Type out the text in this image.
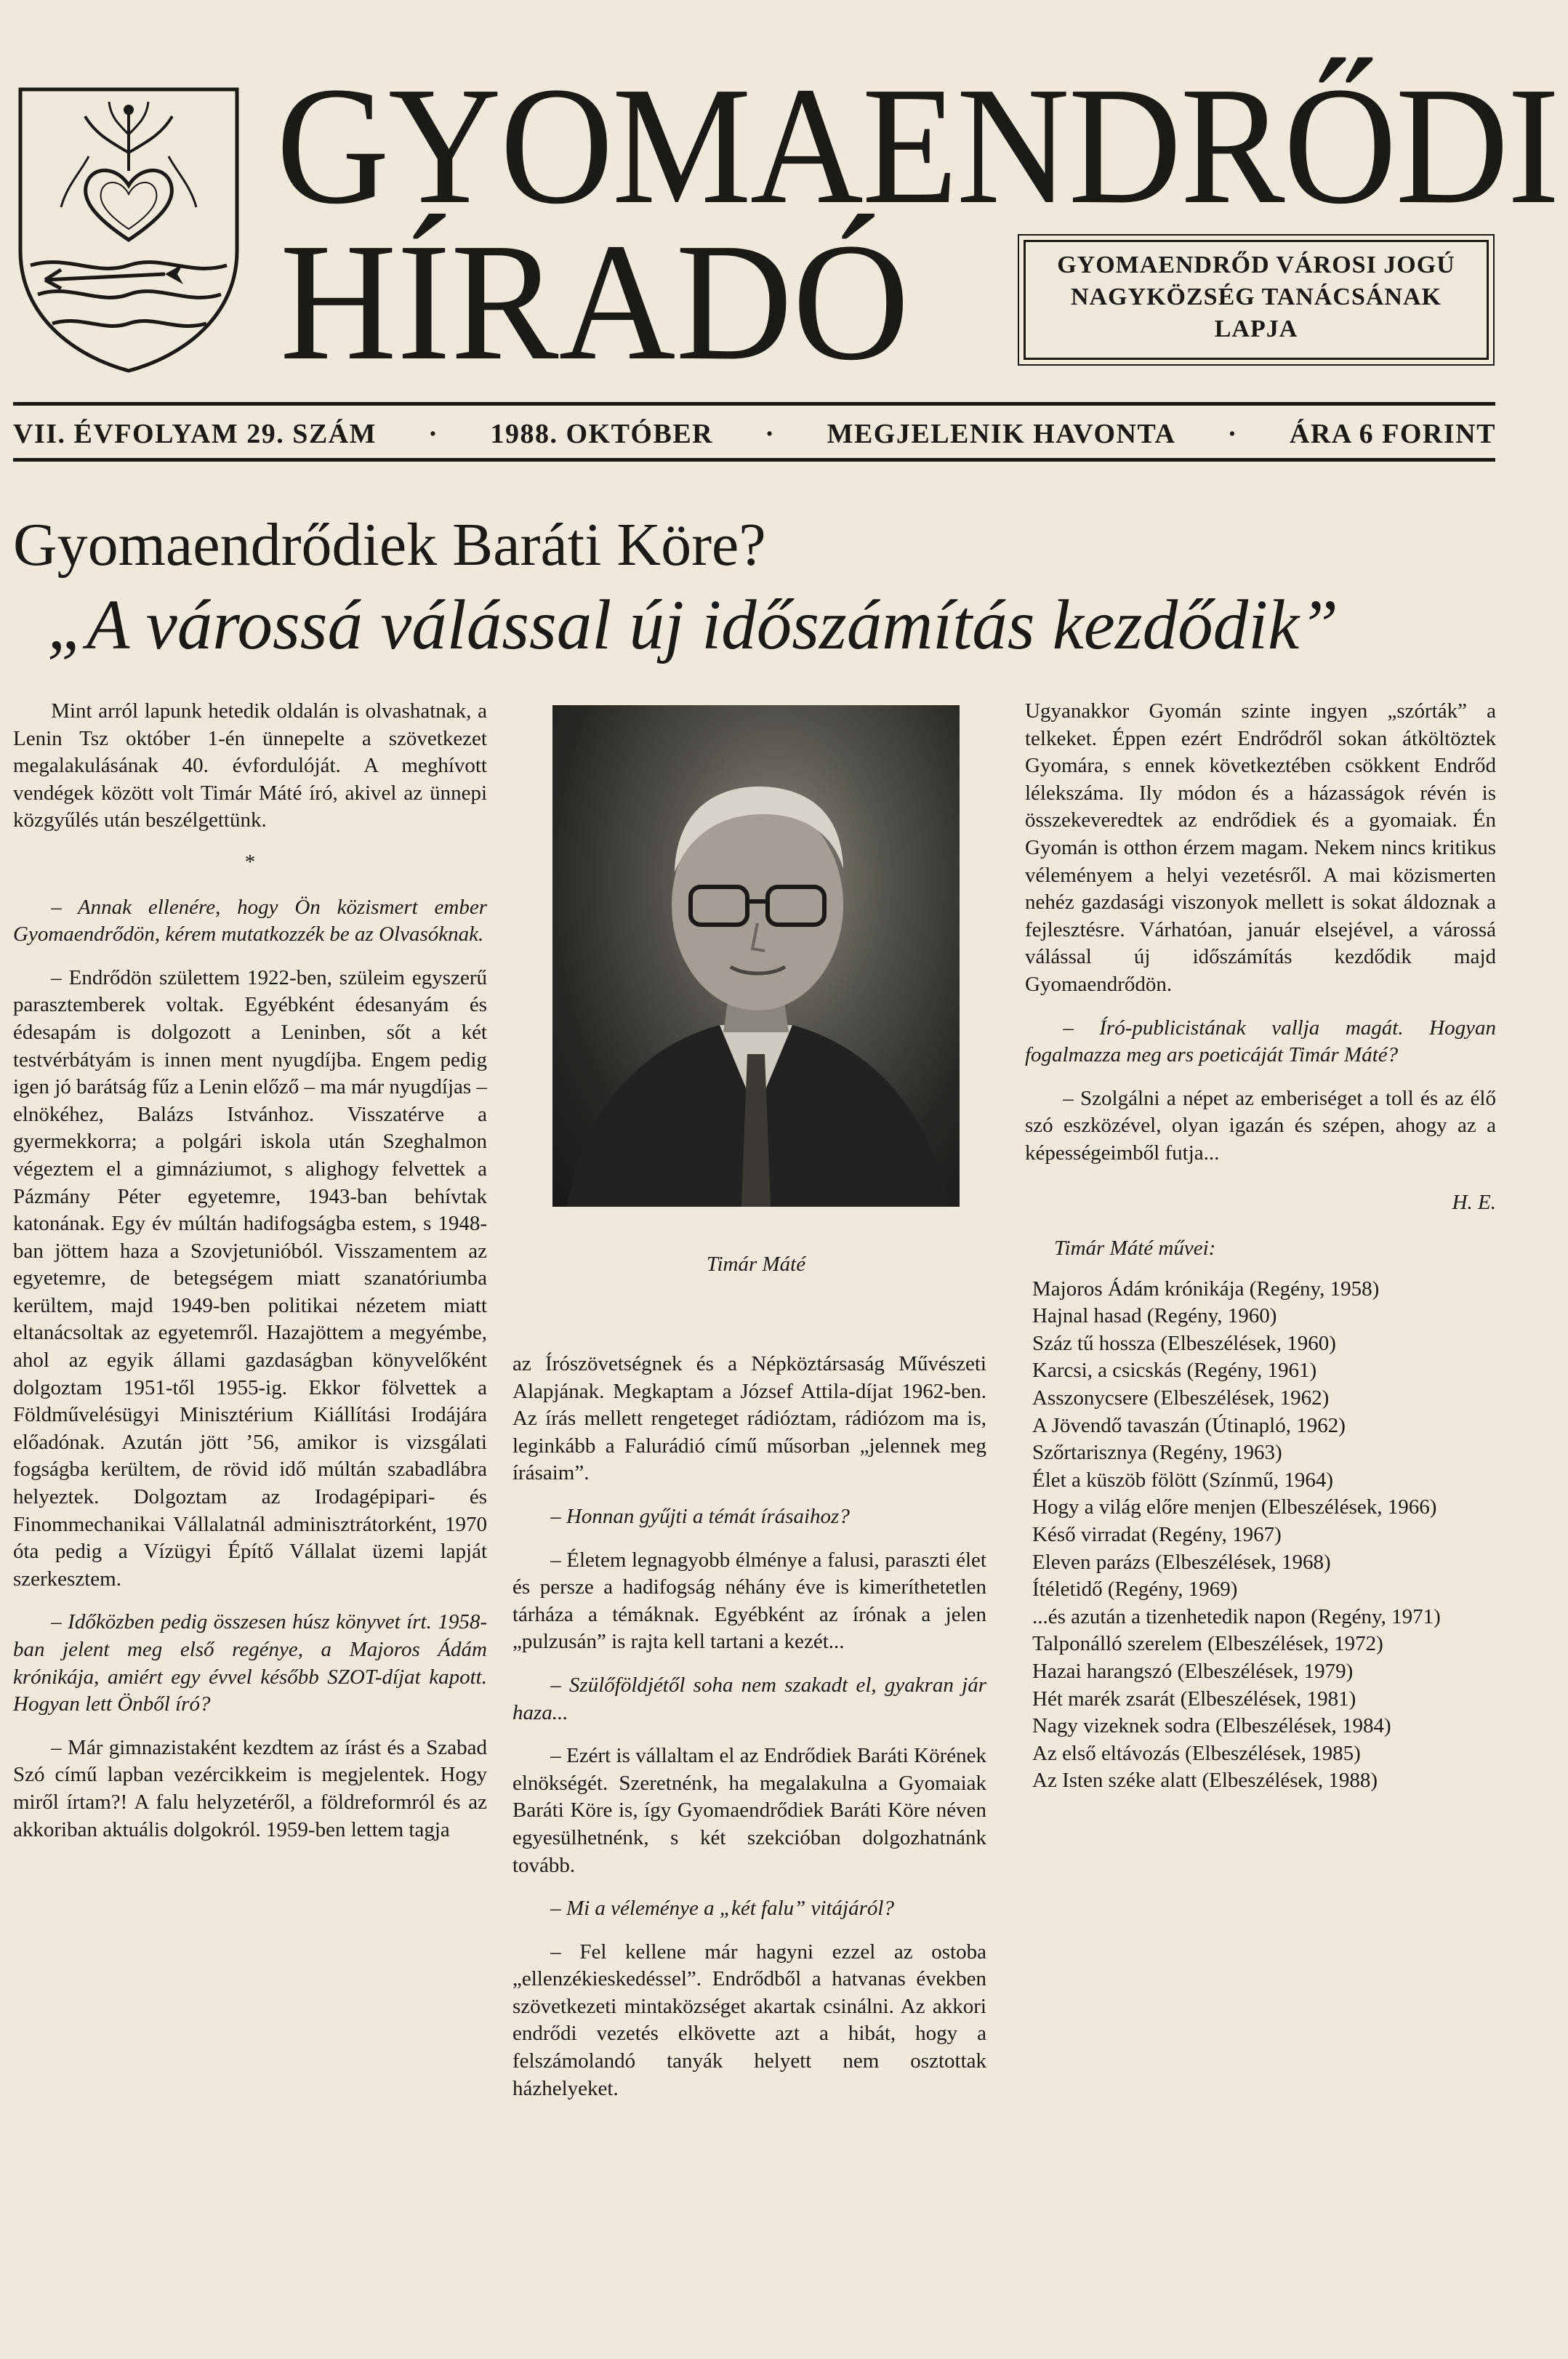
GYOMAENDRŐDI
HÍRADÓ	GYOMAENDRŐD VÁROSI JOGÚ
NAGYKÖZSÉG TANÁCSÁNAK
LAPJA
VII. ÉVFOLYAM 29. SZÁM · 1988. OKTÓBER · MEGJELENIK HAVONTA · ÁRA 6 FORINT
Gyomaendrődiek Baráti Köre?
„A várossá válással új időszámítás kezdődik”

Mint arról lapunk hetedik oldalán is olvashatnak, a Lenin Tsz október 1-én ünnepelte a szövetkezet megalakulásának 40. évfordulóját. A meghívott vendégek között volt Timár Máté író, akivel az ünnepi közgyűlés után beszélgettünk.

*

– Annak ellenére, hogy Ön közismert ember Gyomaendrődön, kérem mutatkozzék be az Olvasóknak.

– Endrődön születtem 1922-ben, szüleim egyszerű parasztemberek voltak. Egyébként édesanyám és édesapám is dolgozott a Leninben, sőt a két testvérbátyám is innen ment nyugdíjba. Engem pedig igen jó barátság fűz a Lenin előző – ma már nyugdíjas – elnökéhez, Balázs Istvánhoz. Visszatérve a gyermekkorra; a polgári iskola után Szeghalmon végeztem el a gimnáziumot, s alighogy felvettek a Pázmány Péter egyetemre, 1943-ban behívtak katonának. Egy év múltán hadifogságba estem, s 1948-ban jöttem haza a Szovjetunióból. Visszamentem az egyetemre, de betegségem miatt szanatóriumba kerültem, majd 1949-ben politikai nézetem miatt eltanácsoltak az egyetemről. Hazajöttem a megyémbe, ahol az egyik állami gazdaságban könyvelőként dolgoztam 1951-től 1955-ig. Ekkor fölvettek a Földművelésügyi Minisztérium Kiállítási Irodájára előadónak. Azután jött ’56, amikor is vizsgálati fogságba kerültem, de rövid idő múltán szabadlábra helyeztek. Dolgoztam az Irodagépipari- és Finommechanikai Vállalatnál adminisztrátorként, 1970 óta pedig a Vízügyi Építő Vállalat üzemi lapját szerkesztem.

– Időközben pedig összesen húsz könyvet írt. 1958-ban jelent meg első regénye, a Majoros Ádám krónikája, amiért egy évvel később SZOT-díjat kapott. Hogyan lett Önből író?

– Már gimnazistaként kezdtem az írást és a Szabad Szó című lapban vezércikkeim is megjelentek. Hogy miről írtam?! A falu helyzetéről, a földreformról és az akkoriban aktuális dolgokról. 1959-ben lettem tagja

Timár Máté

az Írószövetségnek és a Népköztársaság Művészeti Alapjának. Megkaptam a József Attila-díjat 1962-ben. Az írás mellett rengeteget rádióztam, rádiózom ma is, leginkább a Falurádió című műsorban „jelennek meg írásaim”.

– Honnan gyűjti a témát írásaihoz?

– Életem legnagyobb élménye a falusi, paraszti élet és persze a hadifogság néhány éve is kimeríthetetlen tárháza a témáknak. Egyébként az írónak a jelen „pulzusán” is rajta kell tartani a kezét...

– Szülőföldjétől soha nem szakadt el, gyakran jár haza...

– Ezért is vállaltam el az Endrődiek Baráti Körének elnökségét. Szeretnénk, ha megalakulna a Gyomaiak Baráti Köre is, így Gyomaendrődiek Baráti Köre néven egyesülhetnénk, s két szekcióban dolgozhatnánk tovább.

– Mi a véleménye a „két falu” vitájáról?

– Fel kellene már hagyni ezzel az ostoba „ellenzékieskedéssel”. Endrődből a hatvanas években szövetkezeti mintaközséget akartak csinálni. Az akkori endrődi vezetés elkövette azt a hibát, hogy a felszámolandó tanyák helyett nem osztottak házhelyeket.

Ugyanakkor Gyomán szinte ingyen „szórták” a telkeket. Éppen ezért Endrődről sokan átköltöztek Gyomára, s ennek következtében csökkent Endrőd lélekszáma. Ily módon és a házasságok révén is összekeveredtek az endrődiek és a gyomaiak. Én Gyomán is otthon érzem magam. Nekem nincs kritikus véleményem a helyi vezetésről. A mai közismerten nehéz gazdasági viszonyok mellett is sokat áldoznak a fejlesztésre. Várhatóan, január elsejével, a várossá válással új időszámítás kezdődik majd Gyomaendrődön.

– Író-publicistának vallja magát. Hogyan fogalmazza meg ars poeticáját Timár Máté?

– Szolgálni a népet az emberiséget a toll és az élő szó eszközével, olyan igazán és szépen, ahogy az a képességeimből futja...

H. E.

Timár Máté művei:

Majoros Ádám krónikája (Regény, 1958)
Hajnal hasad (Regény, 1960)
Száz tű hossza (Elbeszélések, 1960)
Karcsi, a csicskás (Regény, 1961)
Asszonycsere (Elbeszélések, 1962)
A Jövendő tavaszán (Útinapló, 1962)
Szőrtarisznya (Regény, 1963)
Élet a küszöb fölött (Színmű, 1964)
Hogy a világ előre menjen (Elbeszélések, 1966)
Késő virradat (Regény, 1967)
Eleven parázs (Elbeszélések, 1968)
Ítéletidő (Regény, 1969)
...és azután a tizenhetedik napon (Regény, 1971)
Talponálló szerelem (Elbeszélések, 1972)
Hazai harangszó (Elbeszélések, 1979)
Hét marék zsarát (Elbeszélések, 1981)
Nagy vizeknek sodra (Elbeszélések, 1984)
Az első eltávozás (Elbeszélések, 1985)
Az Isten széke alatt (Elbeszélések, 1988)
